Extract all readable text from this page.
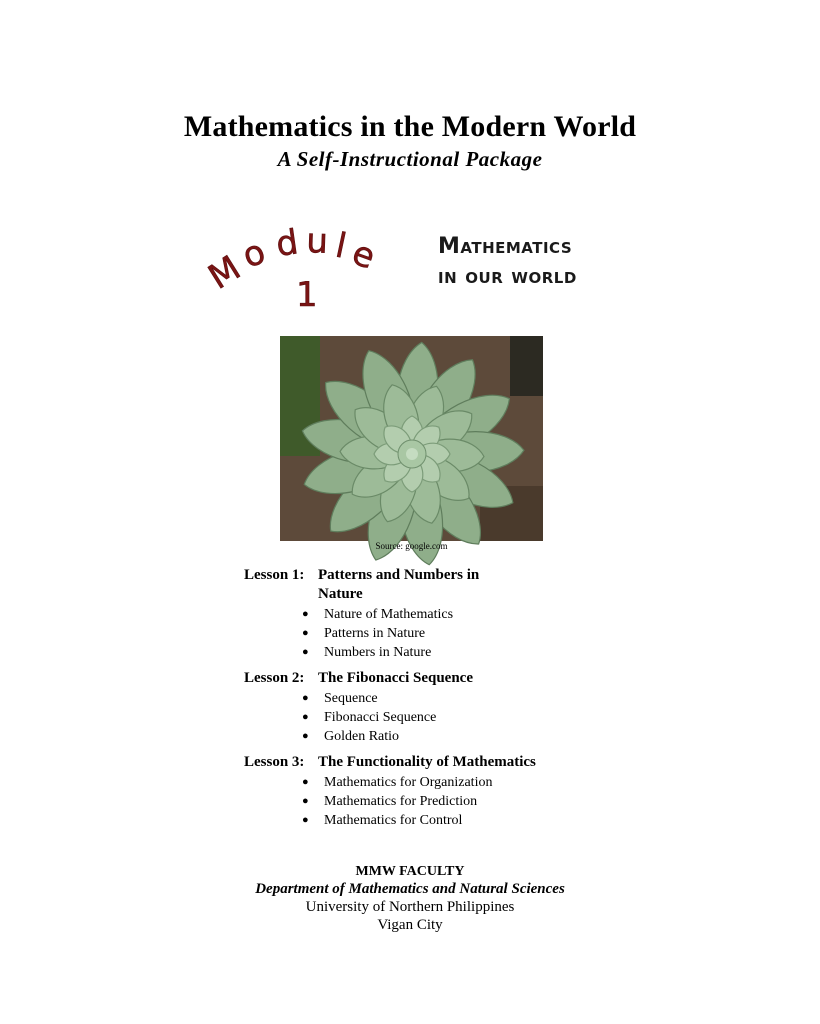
Mathematics in the Modern World
A Self-Instructional Package
M
o d u l
e
1
Mathematics
in our world
Source: google.com
Lesson 1: Patterns and Numbers in Nature
●	Nature of Mathematics
●	Patterns in Nature
●	Numbers in Nature
Lesson 2: The Fibonacci Sequence
●	Sequence
●	Fibonacci Sequence
●	Golden Ratio
Lesson 3: The Functionality of Mathematics
●	Mathematics for Organization
●	Mathematics for Prediction
●	Mathematics for Control
MMW FACULTY
Department of Mathematics and Natural Sciences
University of Northern Philippines
Vigan City
